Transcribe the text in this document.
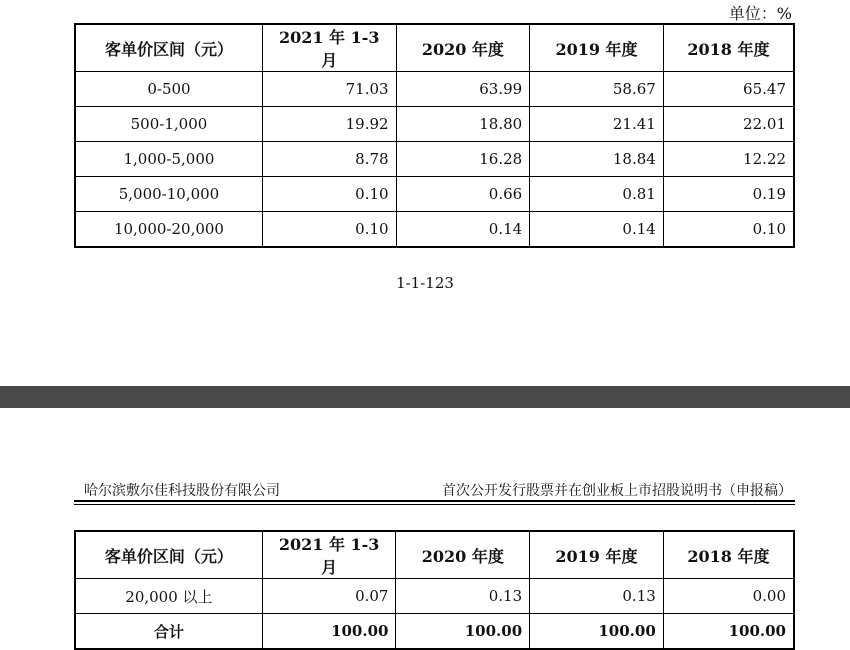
单位：%
客单价区间（元）	2021 年 1-3 月	2020 年度	2019 年度	2018 年度
0-500	71.03	63.99	58.67	65.47
500-1,000	19.92	18.80	21.41	22.01
1,000-5,000	8.78	16.28	18.84	12.22
5,000-10,000	0.10	0.66	0.81	0.19
10,000-20,000	0.10	0.14	0.14	0.10
1-1-123
哈尔滨敷尔佳科技股份有限公司	首次公开发行股票并在创业板上市招股说明书（申报稿）
客单价区间（元）	2021 年 1-3 月	2020 年度	2019 年度	2018 年度
20,000 以上	0.07	0.13	0.13	0.00
合计	100.00	100.00	100.00	100.00
